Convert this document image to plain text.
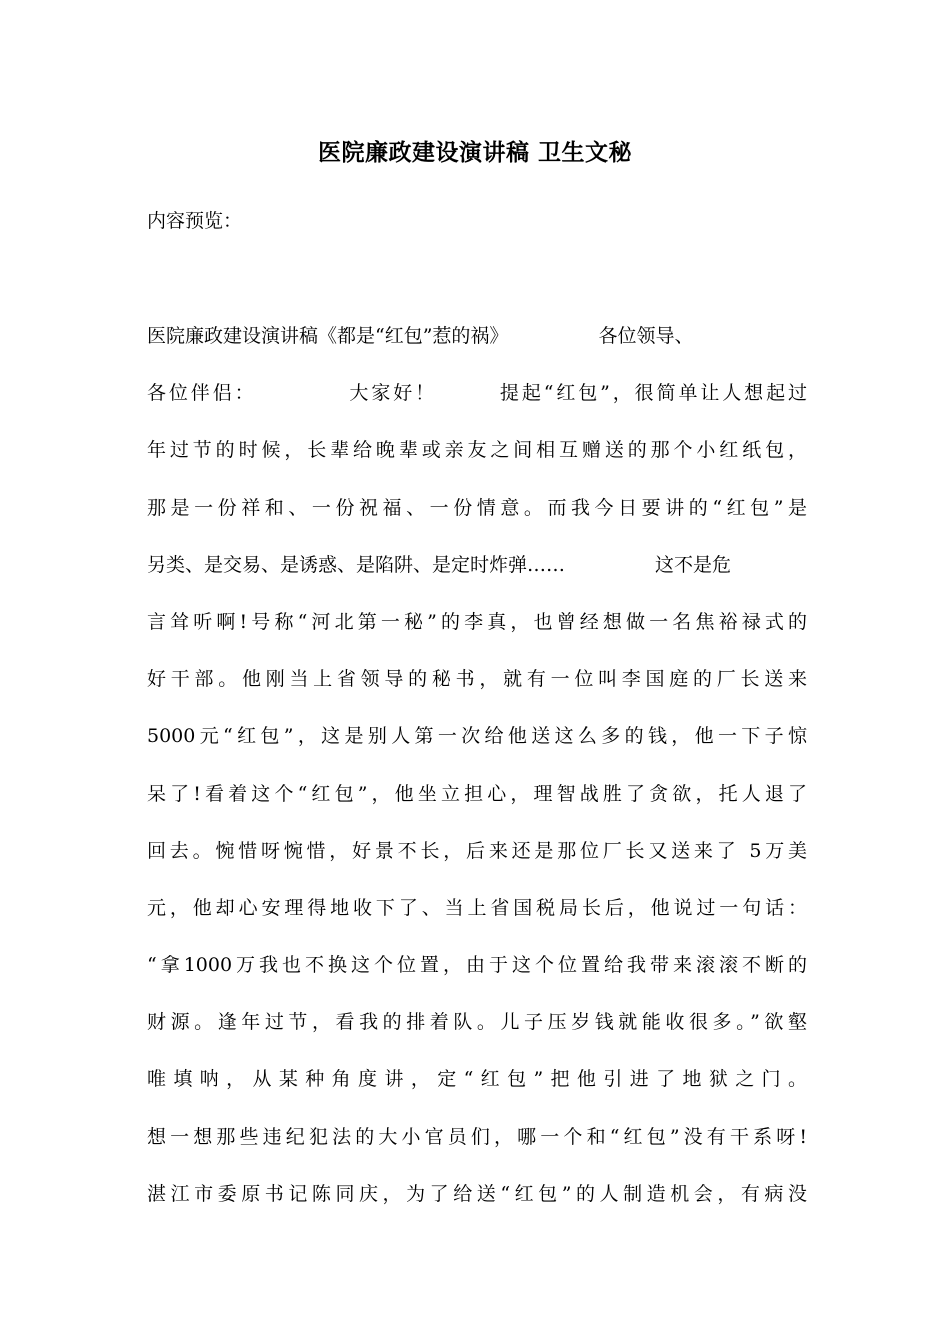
医院廉政建设演讲稿 卫生文秘
内容预览：
医院廉政建设演讲稿《都是“红包”惹的祸》	各位领导、
各位伴侣：	大家好！	提起“红包”，很简单让人想起过
年过节的时候，长辈给晚辈或亲友之间相互赠送的那个小红纸包，
那是一份祥和、一份祝福、一份情意。而我今日要讲的“红包”是
另类、是交易、是诱惑、是陷阱、是定时炸弹……	这不是危
言耸听啊!号称“河北第一秘”的李真，也曾经想做一名焦裕禄式的
好干部。他刚当上省领导的秘书，就有一位叫李国庭的厂长送来
5000元“红包”，这是别人第一次给他送这么多的钱，他一下子惊
呆了!看着这个“红包”，他坐立担心，理智战胜了贪欲，托人退了
回去。惋惜呀惋惜，好景不长，后来还是那位厂长又送来了 5万美
元，他却心安理得地收下了、当上省国税局长后，他说过一句话：
“拿1000万我也不换这个位置，由于这个位置给我带来滚滚不断的
财源。逢年过节，看我的排着队。儿子压岁钱就能收很多。”欲壑
唯填呐，从某种角度讲，定“红包”把他引进了地狱之门。
想一想那些违纪犯法的大小官员们，哪一个和“红包”没有干系呀!
湛江市委原书记陈同庆，为了给送“红包”的人制造机会，有病没
